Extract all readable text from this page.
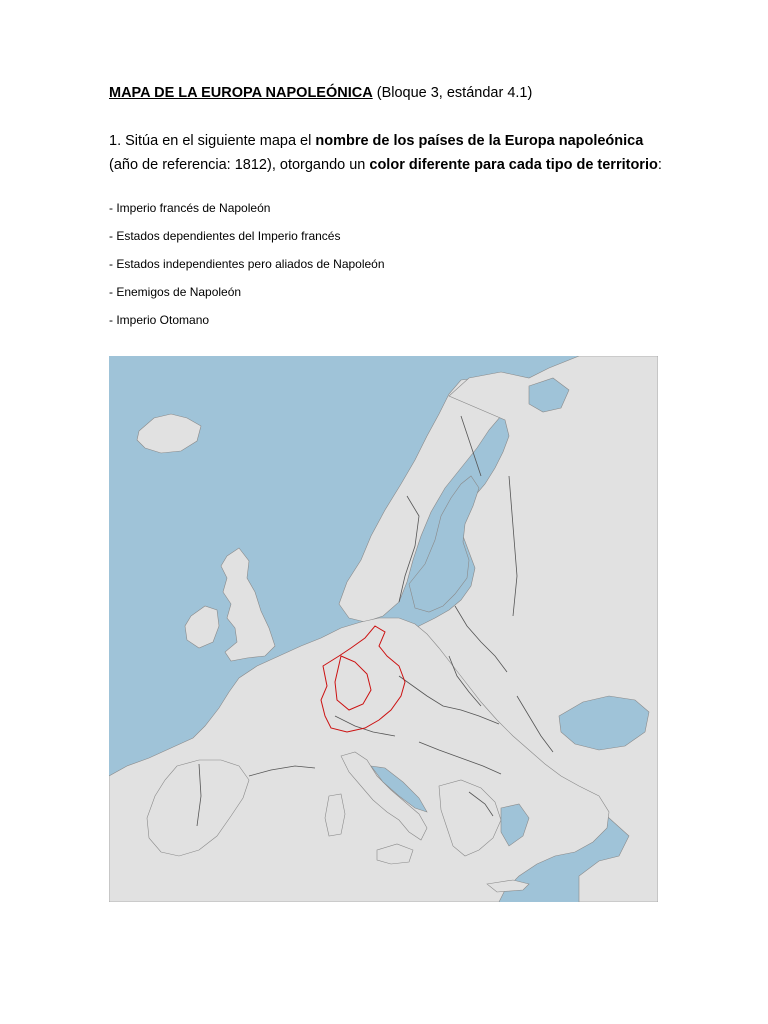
MAPA DE LA EUROPA NAPOLEÓNICA (Bloque 3, estándar 4.1)
1. Sitúa en el siguiente mapa el nombre de los países de la Europa napoleónica (año de referencia: 1812), otorgando un color diferente para cada tipo de territorio:
- Imperio francés de Napoleón
- Estados dependientes del Imperio francés
- Estados independientes pero aliados de Napoleón
- Enemigos de Napoleón
- Imperio Otomano
